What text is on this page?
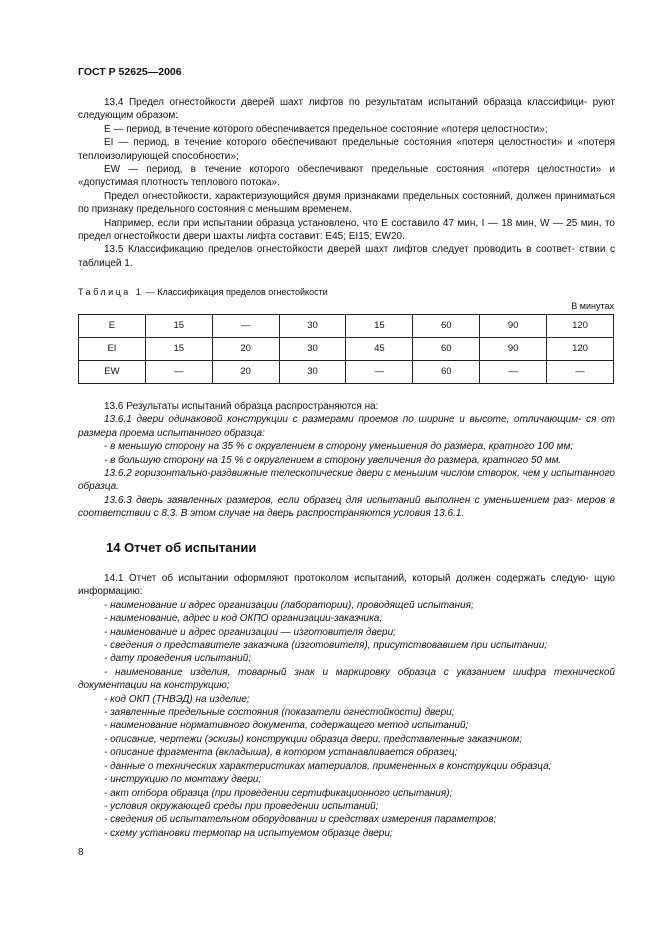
ГОСТ Р 52625—2006

13.4 Предел огнестойкости дверей шахт лифтов по результатам испытаний образца классифици- руют следующим образом:

Е — период, в течение которого обеспечивается предельное состояние «потеря целостности»;

ЕI — период, в течение которого обеспечивают предельные состояния «потеря целостности» и «потеря теплоизолирующей способности»;

EW — период, в течение которого обеспечивают предельные состояния «потеря целостности» и «допустимая плотность теплового потока».

Предел огнестойкости, характеризующийся двумя признаками предельных состояний, должен приниматься по признаку предельного состояния с меньшим временем.

Например, если при испытании образца установлено, что Е составило 47 мин, I — 18 мин, W — 25 мин, то предел огнестойкости двери шахты лифта составит: Е45; ЕI15; EW20.

13.5 Классификацию пределов огнестойкости дверей шахт лифтов следует проводить в соответ- ствии с таблицей 1.

Таблица 1 — Классификация пределов огнестойкости
В минутах
Е	15	—	30	15	60	90	120
ЕI	15	20	30	45	60	90	120
EW	—	20	30	—	60	—	—

13.6 Результаты испытаний образца распространяются на:

13.6.1 двери одинаковой конструкции с размерами проемов по ширине и высоте, отличающим- ся от размера проема испытанного образца:

- в меньшую сторону на 35 % с округлением в сторону уменьшения до размера, кратного 100 мм;

- в большую сторону на 15 % с округлением в сторону увеличения до размера, кратного 50 мм.

13.6.2 горизонтально-раздвижные телескопические двери с меньшим числом створок, чем у испытанного образца.

13.6.3 дверь заявленных размеров, если образец для испытаний выполнен с уменьшением раз- меров в соответствии с 8.3. В этом случае на дверь распространяются условия 13.6.1.

14 Отчет об испытании

14.1 Отчет об испытании оформляют протоколом испытаний, который должен содержать следую- щую информацию:

- наименование и адрес организации (лаборатории), проводящей испытания;

- наименование, адрес и код ОКПО организации-заказчика;

- наименование и адрес организации — изготовителя двери;

- сведения о представителе заказчика (изготовителя), присутствовавшем при испытании;

- дату проведения испытаний;

- наименование изделия, товарный знак и маркировку образца с указанием шифра технической документации на конструкцию;

- код ОКП (ТНВЭД) на изделие;

- заявленные предельные состояния (показатели огнестойкости) двери;

- наименование нормативного документа, содержащего метод испытаний;

- описание, чертежи (эскизы) конструкции образца двери, представленные заказчиком;

- описание фрагмента (вкладыша), в котором устанавливается образец;

- данные о технических характеристиках материалов, примененных в конструкции образца;

- инструкцию по монтажу двери;

- акт отбора образца (при проведении сертификационного испытания);

- условия окружающей среды при проведении испытаний;

- сведения об испытательном оборудовании и средствах измерения параметров;

- схему установки термопар на испытуемом образце двери;

8
